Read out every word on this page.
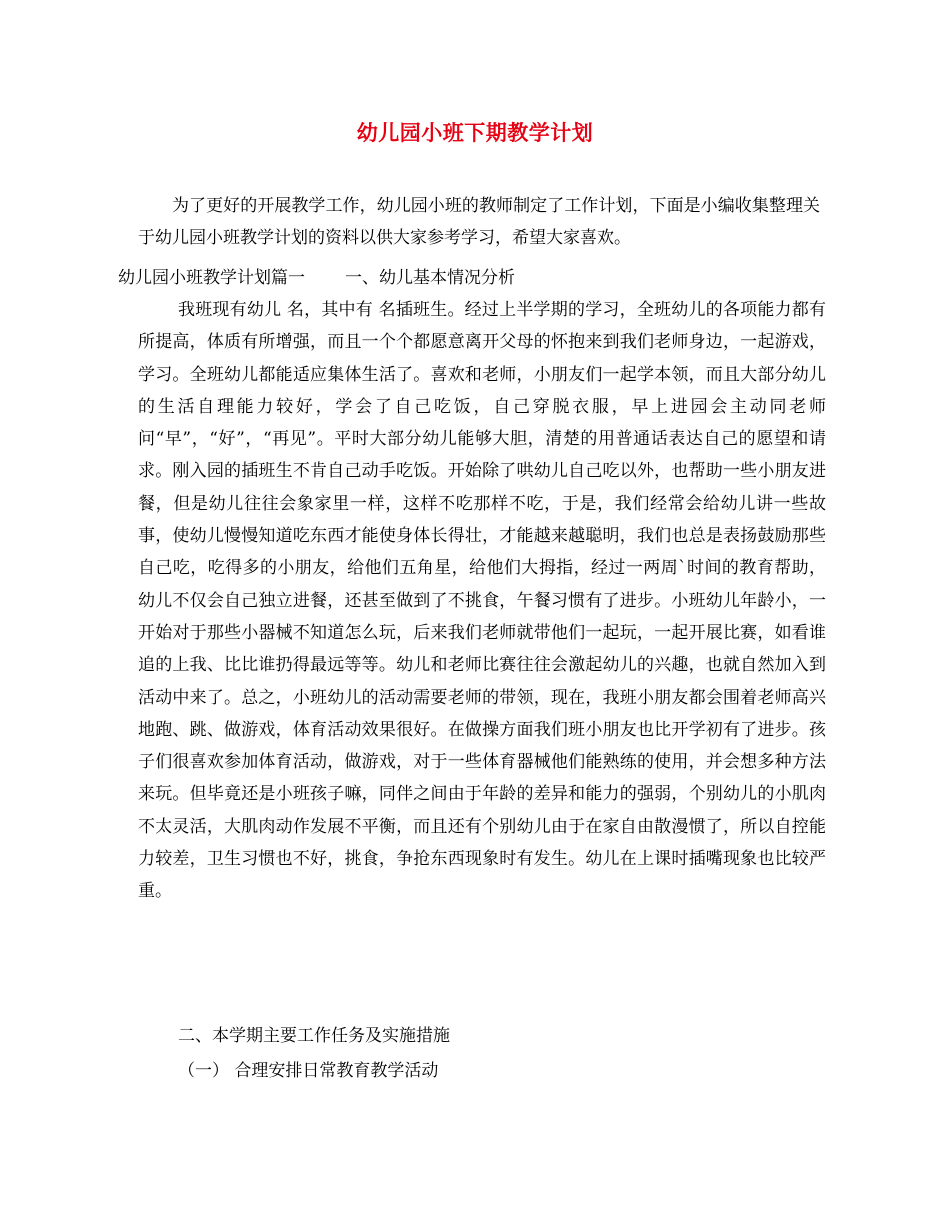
幼儿园小班下期教学计划

为了更好的开展教学工作，幼儿园小班的教师制定了工作计划，下面是小编收集整理关于幼儿园小班教学计划的资料以供大家参考学习，希望大家喜欢。

幼儿园小班教学计划篇一 一、幼儿基本情况分析

我班现有幼儿 名，其中有 名插班生。经过上半学期的学习，全班幼儿的各项能力都有所提高，体质有所增强，而且一个个都愿意离开父母的怀抱来到我们老师身边，一起游戏，学习。全班幼儿都能适应集体生活了。喜欢和老师，小朋友们一起学本领，而且大部分幼儿的生活自理能力较好，学会了自己吃饭，自己穿脱衣服，早上进园会主动同老师问“早”，“好”，“再见”。平时大部分幼儿能够大胆，清楚的用普通话表达自己的愿望和请求。刚入园的插班生不肯自己动手吃饭。开始除了哄幼儿自己吃以外，也帮助一些小朋友进餐，但是幼儿往往会象家里一样，这样不吃那样不吃，于是，我们经常会给幼儿讲一些故事，使幼儿慢慢知道吃东西才能使身体长得壮，才能越来越聪明，我们也总是表扬鼓励那些自己吃，吃得多的小朋友，给他们五角星，给他们大拇指，经过一两周`时间的教育帮助，幼儿不仅会自己独立进餐，还甚至做到了不挑食，午餐习惯有了进步。小班幼儿年龄小，一开始对于那些小器械不知道怎么玩，后来我们老师就带他们一起玩，一起开展比赛，如看谁追的上我、比比谁扔得最远等等。幼儿和老师比赛往往会激起幼儿的兴趣，也就自然加入到活动中来了。总之，小班幼儿的活动需要老师的带领，现在，我班小朋友都会围着老师高兴地跑、跳、做游戏，体育活动效果很好。在做操方面我们班小朋友也比开学初有了进步。孩子们很喜欢参加体育活动，做游戏，对于一些体育器械他们能熟练的使用，并会想多种方法来玩。但毕竟还是小班孩子嘛，同伴之间由于年龄的差异和能力的强弱，个别幼儿的小肌肉不太灵活，大肌肉动作发展不平衡，而且还有个别幼儿由于在家自由散漫惯了，所以自控能力较差，卫生习惯也不好，挑食，争抢东西现象时有发生。幼儿在上课时插嘴现象也比较严重。

二、本学期主要工作任务及实施措施
（一） 合理安排日常教育教学活动
